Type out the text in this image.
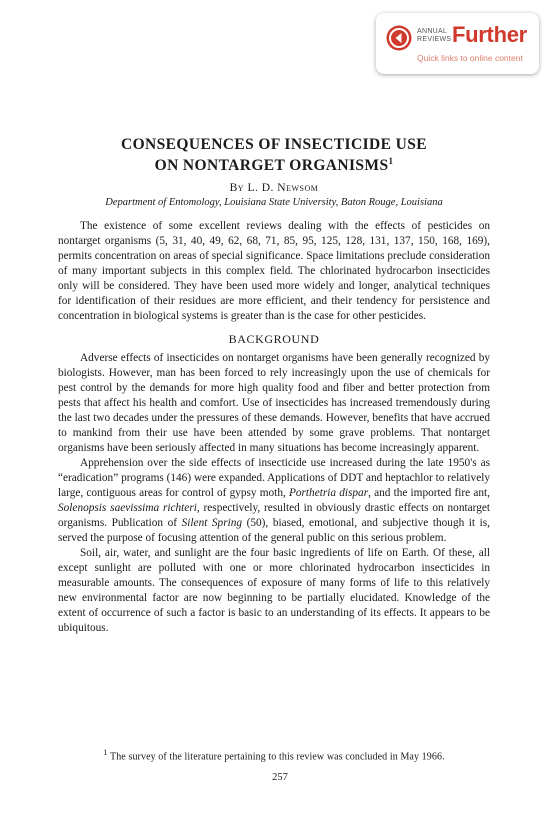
ANNUAL
REVIEWS Further
Quick links to online content
CONSEQUENCES OF INSECTICIDE USE
ON NONTARGET ORGANISMS$^1$
By L. D. Newsom
Department of Entomology, Louisiana State University, Baton Rouge, Louisiana

The existence of some excellent reviews dealing with the effects of pesticides on nontarget organisms (5, 31, 40, 49, 62, 68, 71, 85, 95, 125, 128, 131, 137, 150, 168, 169), permits concentration on areas of special significance. Space limitations preclude consideration of many important subjects in this complex field. The chlorinated hydrocarbon insecticides only will be considered. They have been used more widely and longer, analytical techniques for identification of their residues are more efficient, and their tendency for persistence and concentration in biological systems is greater than is the case for other pesticides.

BACKGROUND

Adverse effects of insecticides on nontarget organisms have been generally recognized by biologists. However, man has been forced to rely increasingly upon the use of chemicals for pest control by the demands for more high quality food and fiber and better protection from pests that affect his health and comfort. Use of insecticides has increased tremendously during the last two decades under the pressures of these demands. However, benefits that have accrued to mankind from their use have been attended by some grave problems. That nontarget organisms have been seriously affected in many situations has become increasingly apparent.

Apprehension over the side effects of insecticide use increased during the late 1950's as “eradication” programs (146) were expanded. Applications of DDT and heptachlor to relatively large, contiguous areas for control of gypsy moth, Porthetria dispar, and the imported fire ant, Solenopsis saevissima richteri, respectively, resulted in obviously drastic effects on nontarget organisms. Publication of Silent Spring (50), biased, emotional, and subjective though it is, served the purpose of focusing attention of the general public on this serious problem.

Soil, air, water, and sunlight are the four basic ingredients of life on Earth. Of these, all except sunlight are polluted with one or more chlorinated hydrocarbon insecticides in measurable amounts. The consequences of exposure of many forms of life to this relatively new environmental factor are now beginning to be partially elucidated. Knowledge of the extent of occurrence of such a factor is basic to an understanding of its effects. It appears to be ubiquitous.

$^1$ The survey of the literature pertaining to this review was concluded in May 1966.
257
